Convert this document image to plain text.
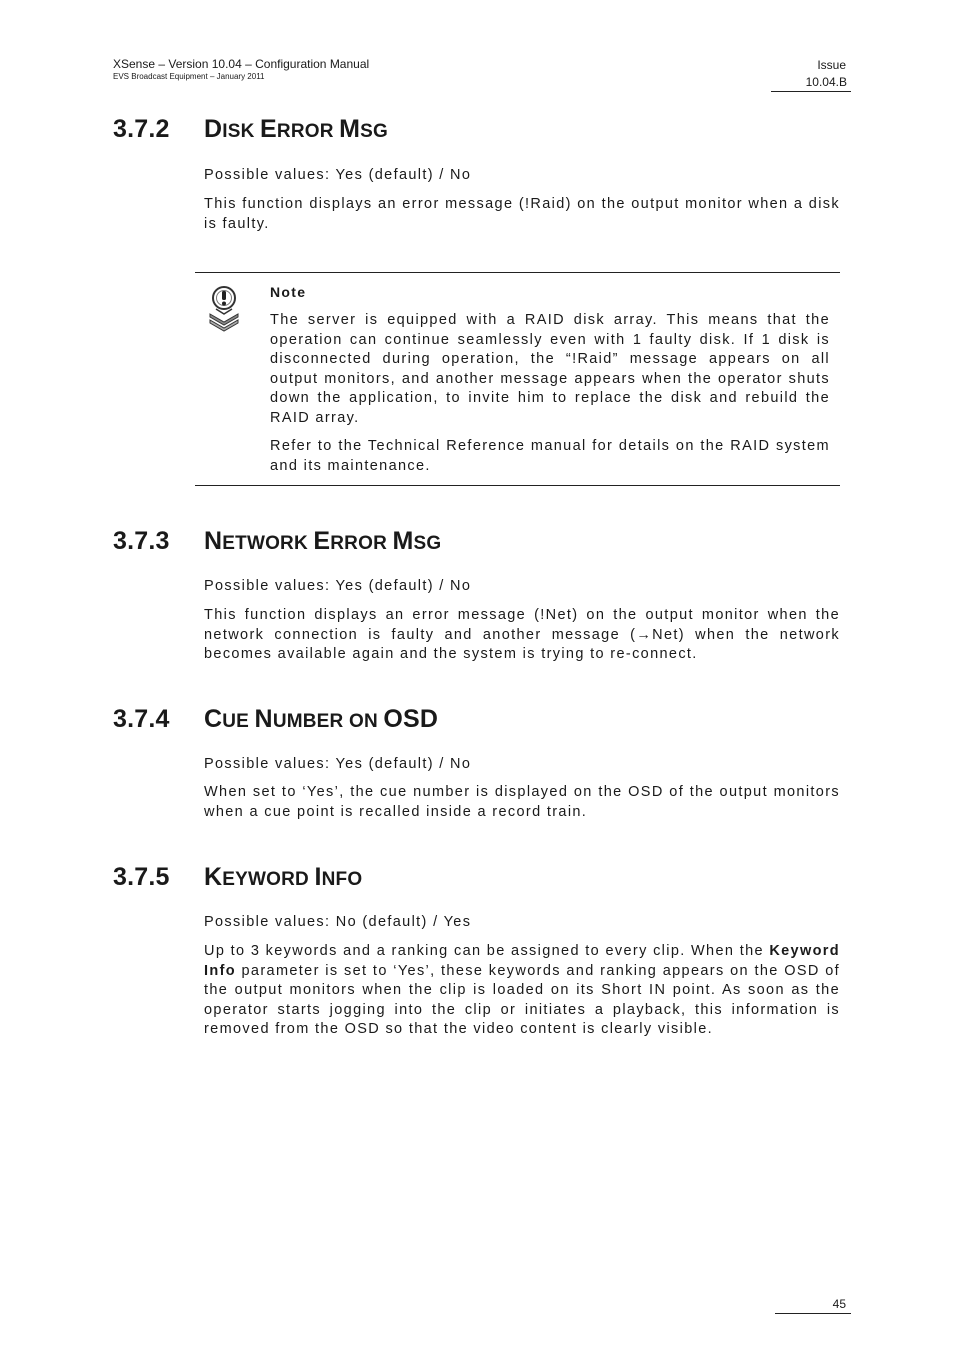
XSense – Version 10.04 – Configuration Manual
EVS Broadcast Equipment – January 2011
Issue
10.04.B
3.7.2 DISK ERROR MSG
Possible values: Yes (default) / No
This function displays an error message (!Raid) on the output monitor when a disk is faulty.
Note
The server is equipped with a RAID disk array. This means that the operation can continue seamlessly even with 1 faulty disk. If 1 disk is disconnected during operation, the “!Raid” message appears on all output monitors, and another message appears when the operator shuts down the application, to invite him to replace the disk and rebuild the RAID array.
Refer to the Technical Reference manual for details on the RAID system and its maintenance.
3.7.3 NETWORK ERROR MSG
Possible values: Yes (default) / No
This function displays an error message (!Net) on the output monitor when the network connection is faulty and another message (→Net) when the network becomes available again and the system is trying to re-connect.
3.7.4 CUE NUMBER ON OSD
Possible values: Yes (default) / No
When set to ‘Yes’, the cue number is displayed on the OSD of the output monitors when a cue point is recalled inside a record train.
3.7.5 KEYWORD INFO
Possible values: No (default) / Yes
Up to 3 keywords and a ranking can be assigned to every clip. When the Keyword Info parameter is set to ‘Yes’, these keywords and ranking appears on the OSD of the output monitors when the clip is loaded on its Short IN point. As soon as the operator starts jogging into the clip or initiates a playback, this information is removed from the OSD so that the video content is clearly visible.
45
